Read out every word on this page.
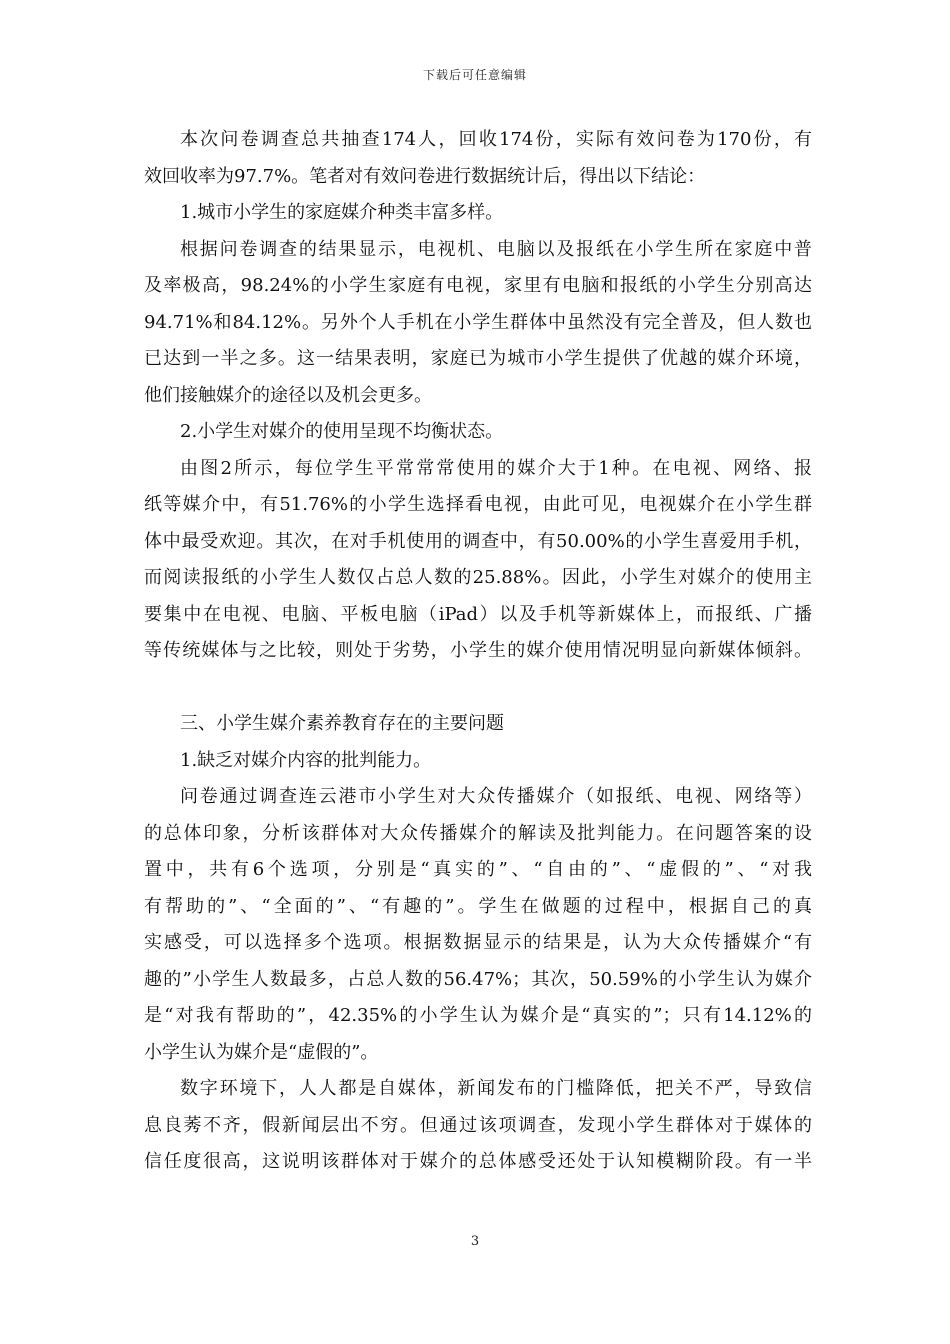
下载后可任意编辑
本次问卷调查总共抽查174人，回收174份，实际有效问卷为170份，有
效回收率为97.7%。笔者对有效问卷进行数据统计后，得出以下结论：
1.城市小学生的家庭媒介种类丰富多样。
根据问卷调查的结果显示，电视机、电脑以及报纸在小学生所在家庭中普
及率极高，98.24%的小学生家庭有电视，家里有电脑和报纸的小学生分别高达
94.71%和84.12%。另外个人手机在小学生群体中虽然没有完全普及，但人数也
已达到一半之多。这一结果表明，家庭已为城市小学生提供了优越的媒介环境，
他们接触媒介的途径以及机会更多。
2.小学生对媒介的使用呈现不均衡状态。
由图2所示，每位学生平常常常使用的媒介大于1种。在电视、网络、报
纸等媒介中，有51.76%的小学生选择看电视，由此可见，电视媒介在小学生群
体中最受欢迎。其次，在对手机使用的调查中，有50.00%的小学生喜爱用手机，
而阅读报纸的小学生人数仅占总人数的25.88%。因此，小学生对媒介的使用主
要集中在电视、电脑、平板电脑（iPad）以及手机等新媒体上，而报纸、广播
等传统媒体与之比较，则处于劣势，小学生的媒介使用情况明显向新媒体倾斜。
三、小学生媒介素养教育存在的主要问题
1.缺乏对媒介内容的批判能力。
问卷通过调查连云港市小学生对大众传播媒介（如报纸、电视、网络等）
的总体印象，分析该群体对大众传播媒介的解读及批判能力。在问题答案的设
置中，共有6个选项，分别是“真实的”、“自由的”、“虚假的”、“对我
有帮助的”、“全面的”、“有趣的”。学生在做题的过程中，根据自己的真
实感受，可以选择多个选项。根据数据显示的结果是，认为大众传播媒介“有
趣的”小学生人数最多，占总人数的56.47%；其次，50.59%的小学生认为媒介
是“对我有帮助的”，42.35%的小学生认为媒介是“真实的”；只有14.12%的
小学生认为媒介是“虚假的”。
数字环境下，人人都是自媒体，新闻发布的门槛降低，把关不严，导致信
息良莠不齐，假新闻层出不穷。但通过该项调查，发现小学生群体对于媒体的
信任度很高，这说明该群体对于媒介的总体感受还处于认知模糊阶段。有一半
3
